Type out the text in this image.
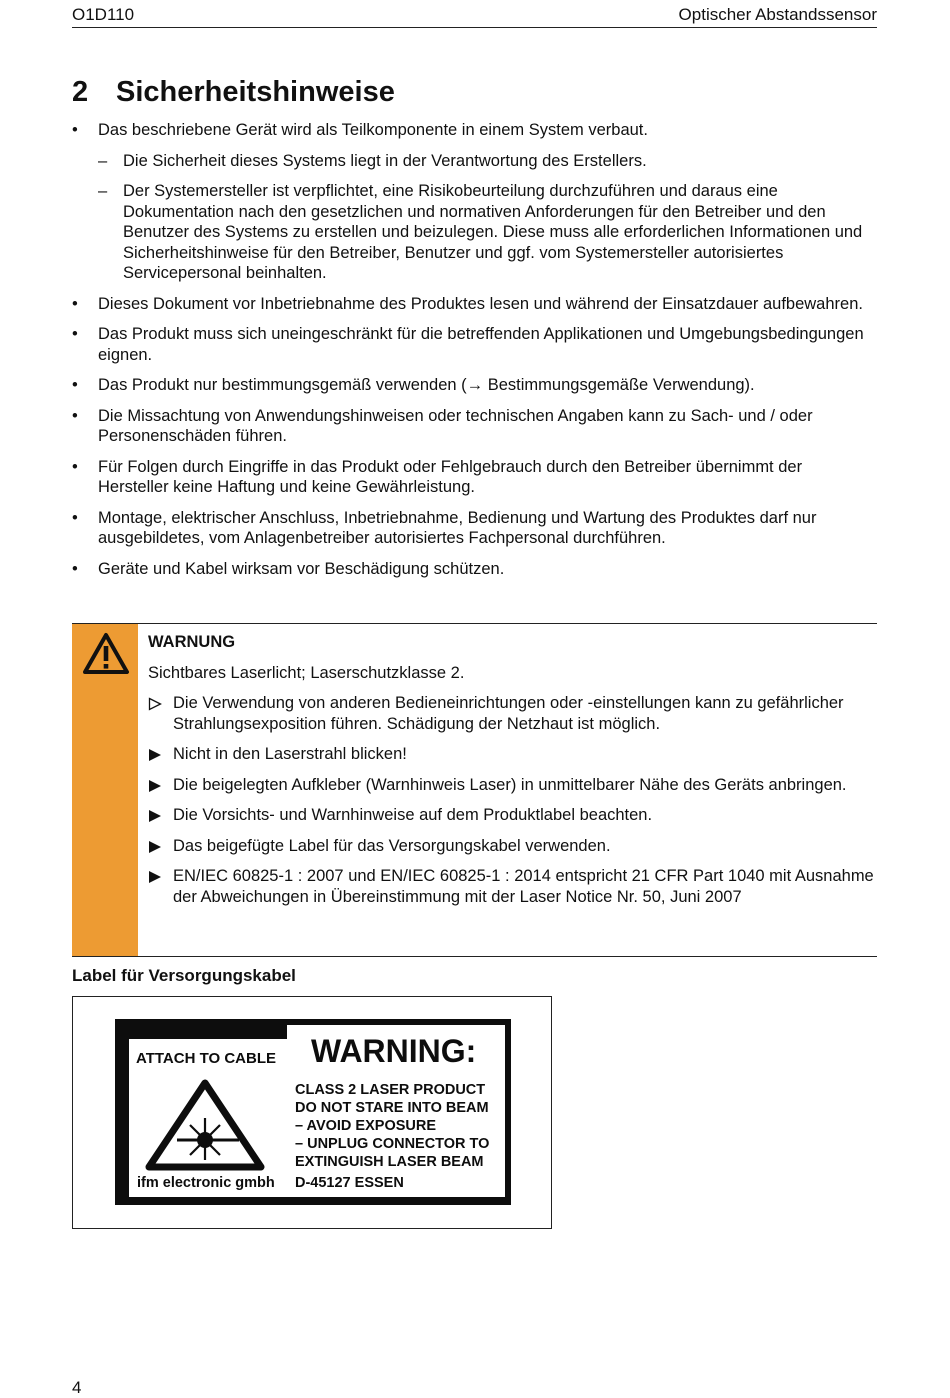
O1D110	Optischer Abstandssensor
2 Sicherheitshinweise
• Das beschriebene Gerät wird als Teilkomponente in einem System verbaut.
– Die Sicherheit dieses Systems liegt in der Verantwortung des Erstellers.
– Der Systemersteller ist verpflichtet, eine Risikobeurteilung durchzuführen und daraus eine Dokumentation nach den gesetzlichen und normativen Anforderungen für den Betreiber und den Benutzer des Systems zu erstellen und beizulegen. Diese muss alle erforderlichen Informationen und Sicherheitshinweise für den Betreiber, Benutzer und ggf. vom Systemersteller autorisiertes Servicepersonal beinhalten.
• Dieses Dokument vor Inbetriebnahme des Produktes lesen und während der Einsatzdauer aufbewahren.
• Das Produkt muss sich uneingeschränkt für die betreffenden Applikationen und Umgebungsbedingungen eignen.
• Das Produkt nur bestimmungsgemäß verwenden (→ Bestimmungsgemäße Verwendung).
• Die Missachtung von Anwendungshinweisen oder technischen Angaben kann zu Sach- und / oder Personenschäden führen.
• Für Folgen durch Eingriffe in das Produkt oder Fehlgebrauch durch den Betreiber übernimmt der Hersteller keine Haftung und keine Gewährleistung.
• Montage, elektrischer Anschluss, Inbetriebnahme, Bedienung und Wartung des Produktes darf nur ausgebildetes, vom Anlagenbetreiber autorisiertes Fachpersonal durchführen.
• Geräte und Kabel wirksam vor Beschädigung schützen.
WARNUNG
Sichtbares Laserlicht; Laserschutzklasse 2.
Die Verwendung von anderen Bedieneinrichtungen oder -einstellungen kann zu gefährlicher Strahlungsexposition führen. Schädigung der Netzhaut ist möglich.
Nicht in den Laserstrahl blicken!
Die beigelegten Aufkleber (Warnhinweis Laser) in unmittelbarer Nähe des Geräts anbringen.
Die Vorsichts- und Warnhinweise auf dem Produktlabel beachten.
Das beigefügte Label für das Versorgungskabel verwenden.
EN/IEC 60825-1 : 2007 und EN/IEC 60825-1 : 2014 entspricht 21 CFR Part 1040 mit Ausnahme der Abweichungen in Übereinstimmung mit der Laser Notice Nr. 50, Juni 2007
Label für Versorgungskabel
ATTACH TO CABLE WARNING:
CLASS 2 LASER PRODUCT
DO NOT STARE INTO BEAM
– AVOID EXPOSURE
– UNPLUG CONNECTOR TO
EXTINGUISH LASER BEAM
ifm electronic gmbh D-45127 ESSEN
4
